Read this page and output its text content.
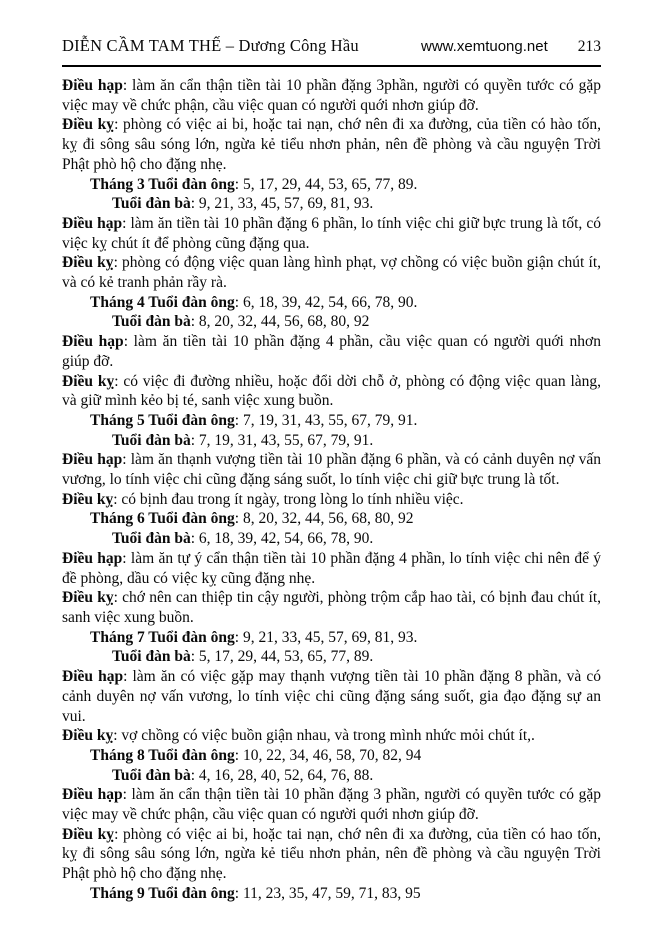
DIỄN CẦM TAM THẾ – Dương Công Hầu	www.xemtuong.net 213

Điều hạp: làm ăn cẩn thận tiền tài 10 phần đặng 3phần, người có quyền tước có gặp việc may về chức phận, cầu việc quan có người quới nhơn giúp đỡ.

Điều kỵ: phòng có việc ai bi, hoặc tai nạn, chớ nên đi xa đường, của tiền có hào tốn, kỵ đi sông sâu sóng lớn, ngừa kẻ tiểu nhơn phản, nên đề phòng và cầu nguyện Trời Phật phò hộ cho đặng nhẹ.

Tháng 3 Tuổi đàn ông: 5, 17, 29, 44, 53, 65, 77, 89.

Tuổi đàn bà: 9, 21, 33, 45, 57, 69, 81, 93.

Điều hạp: làm ăn tiền tài 10 phần đặng 6 phần, lo tính việc chi giữ bực trung là tốt, có việc kỵ chút ít để phòng cũng đặng qua.

Điều kỵ: phòng có động việc quan làng hình phạt, vợ chồng có việc buồn giận chút ít, và có kẻ tranh phản rầy rà.

Tháng 4 Tuổi đàn ông: 6, 18, 39, 42, 54, 66, 78, 90.

Tuổi đàn bà: 8, 20, 32, 44, 56, 68, 80, 92

Điều hạp: làm ăn tiền tài 10 phần đặng 4 phần, cầu việc quan có người quới nhơn giúp đỡ.

Điều kỵ: có việc đi đường nhiều, hoặc đổi dời chỗ ở, phòng có động việc quan làng, và giữ mình kẻo bị té, sanh việc xung buồn.

Tháng 5 Tuổi đàn ông: 7, 19, 31, 43, 55, 67, 79, 91.

Tuổi đàn bà: 7, 19, 31, 43, 55, 67, 79, 91.

Điều hạp: làm ăn thạnh vượng tiền tài 10 phần đặng 6 phần, và có cảnh duyên nợ vấn vương, lo tính việc chi cũng đặng sáng suốt, lo tính việc chi giữ bực trung là tốt.

Điều kỵ: có bịnh đau trong ít ngày, trong lòng lo tính nhiều việc.

Tháng 6 Tuổi đàn ông: 8, 20, 32, 44, 56, 68, 80, 92

Tuổi đàn bà: 6, 18, 39, 42, 54, 66, 78, 90.

Điều hạp: làm ăn tự ý cẩn thận tiền tài 10 phần đặng 4 phần, lo tính việc chi nên để ý đề phòng, dầu có việc kỵ cũng đặng nhẹ.

Điều kỵ: chớ nên can thiệp tin cậy người, phòng trộm cắp hao tài, có bịnh đau chút ít, sanh việc xung buồn.

Tháng 7 Tuổi đàn ông: 9, 21, 33, 45, 57, 69, 81, 93.

Tuổi đàn bà: 5, 17, 29, 44, 53, 65, 77, 89.

Điều hạp: làm ăn có việc gặp may thạnh vượng tiền tài 10 phần đặng 8 phần, và có cảnh duyên nợ vấn vương, lo tính việc chi cũng đặng sáng suốt, gia đạo đặng sự an vui.

Điều kỵ: vợ chồng có việc buồn giận nhau, và trong mình nhức mỏi chút ít,.

Tháng 8 Tuổi đàn ông: 10, 22, 34, 46, 58, 70, 82, 94

Tuổi đàn bà: 4, 16, 28, 40, 52, 64, 76, 88.

Điều hạp: làm ăn cẩn thận tiền tài 10 phần đặng 3 phần, người có quyền tước có gặp việc may về chức phận, cầu việc quan có người quới nhơn giúp đỡ.

Điều kỵ: phòng có việc ai bi, hoặc tai nạn, chớ nên đi xa đường, của tiền có hao tốn, kỵ đi sông sâu sóng lớn, ngừa kẻ tiểu nhơn phản, nên đề phòng và cầu nguyện Trời Phật phò hộ cho đặng nhẹ.

Tháng 9 Tuổi đàn ông: 11, 23, 35, 47, 59, 71, 83, 95
